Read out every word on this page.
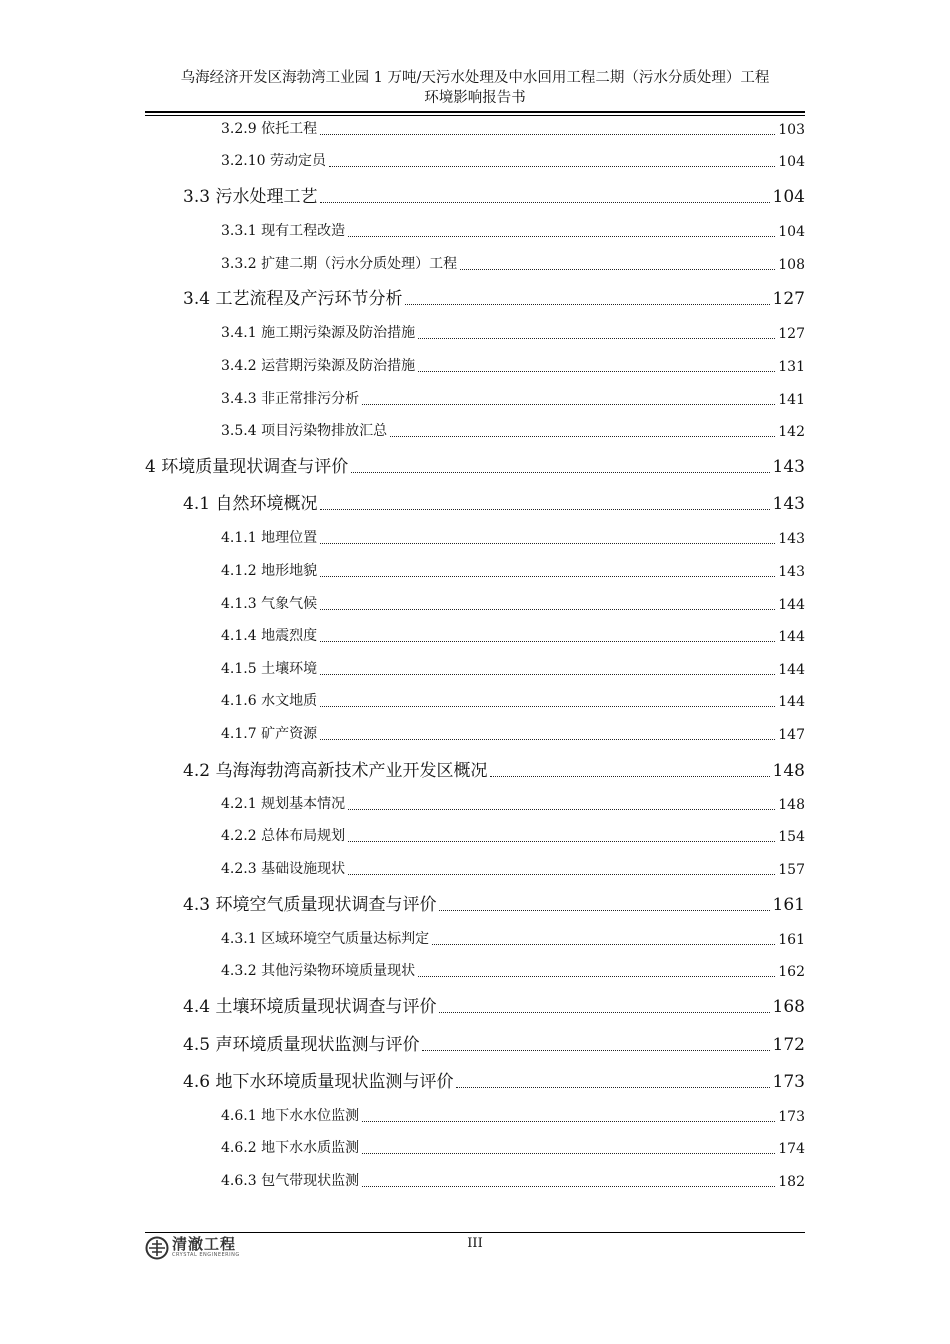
乌海经济开发区海勃湾工业园 1 万吨/天污水处理及中水回用工程二期（污水分质处理）工程
环境影响报告书
3.2.9 依托工程	103
3.2.10 劳动定员	104
3.3 污水处理工艺	104
3.3.1 现有工程改造	104
3.3.2 扩建二期（污水分质处理）工程	108
3.4 工艺流程及产污环节分析	127
3.4.1 施工期污染源及防治措施	127
3.4.2 运营期污染源及防治措施	131
3.4.3 非正常排污分析	141
3.5.4 项目污染物排放汇总	142
4 环境质量现状调查与评价	143
4.1 自然环境概况	143
4.1.1 地理位置	143
4.1.2 地形地貌	143
4.1.3 气象气候	144
4.1.4 地震烈度	144
4.1.5 土壤环境	144
4.1.6 水文地质	144
4.1.7 矿产资源	147
4.2 乌海海勃湾高新技术产业开发区概况	148
4.2.1 规划基本情况	148
4.2.2 总体布局规划	154
4.2.3 基础设施现状	157
4.3 环境空气质量现状调查与评价	161
4.3.1 区域环境空气质量达标判定	161
4.3.2 其他污染物环境质量现状	162
4.4 土壤环境质量现状调查与评价	168
4.5 声环境质量现状监测与评价	172
4.6 地下水环境质量现状监测与评价	173
4.6.1 地下水水位监测	173
4.6.2 地下水水质监测	174
4.6.3 包气带现状监测	182
清澈工程
CRYSTAL ENGINEERING
III
